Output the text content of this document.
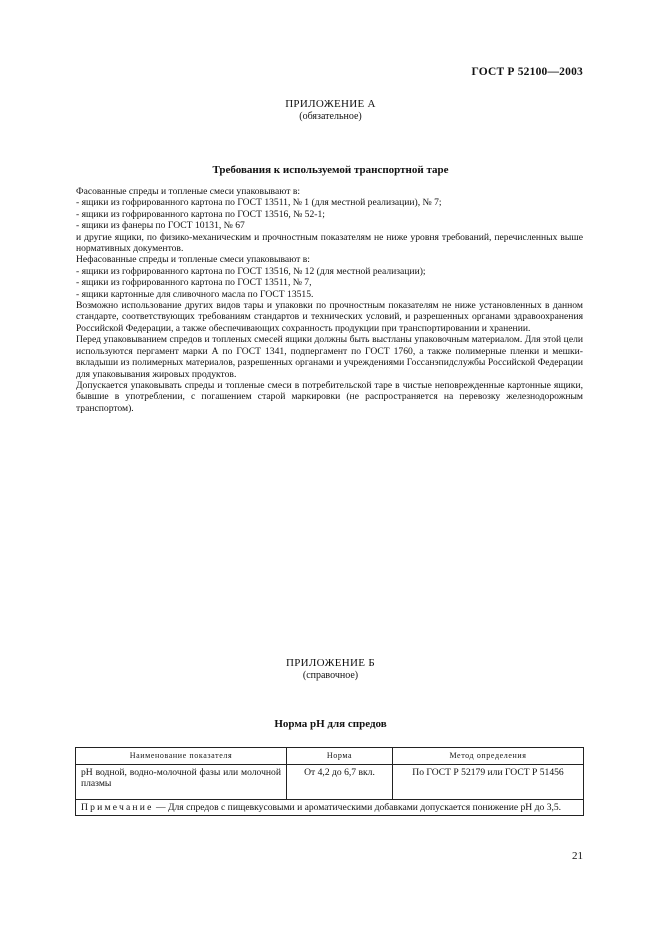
ГОСТ Р 52100—2003
ПРИЛОЖЕНИЕ А
(обязательное)
Требования к используемой транспортной таре

Фасованные спреды и топленые смеси упаковывают в:

- ящики из гофрированного картона по ГОСТ 13511, № 1 (для местной реализации), № 7;

- ящики из гофрированного картона по ГОСТ 13516, № 52-1;

- ящики из фанеры по ГОСТ 10131, № 67

и другие ящики, по физико-механическим и прочностным показателям не ниже уровня требований, перечисленных выше нормативных документов.

Нефасованные спреды и топленые смеси упаковывают в:

- ящики из гофрированного картона по ГОСТ 13516, № 12 (для местной реализации);

- ящики из гофрированного картона по ГОСТ 13511, № 7,

- ящики картонные для сливочного масла по ГОСТ 13515.

Возможно использование других видов тары и упаковки по прочностным показателям не ниже установленных в данном стандарте, соответствующих требованиям стандартов и технических условий, и разрешенных органами здравоохранения Российской Федерации, а также обеспечивающих сохранность продукции при транспортировании и хранении.

Перед упаковыванием спредов и топленых смесей ящики должны быть выстланы упаковочным материалом. Для этой цели используются пергамент марки А по ГОСТ 1341, подпергамент по ГОСТ 1760, а также полимерные пленки и мешки-вкладыши из полимерных материалов, разрешенных органами и учреждениями Госсанэпидслужбы Российской Федерации для упаковывания жировых продуктов.

Допускается упаковывать спреды и топленые смеси в потребительской таре в чистые неповрежденные картонные ящики, бывшие в употреблении, с погашением старой маркировки (не распространяется на перевозку железнодорожным транспортом).

ПРИЛОЖЕНИЕ Б
(справочное)
Норма рН для спредов
Наименование показателя	Норма	Метод определения
рН водной, водно-молочной фазы или молочной плазмы	От 4,2 до 6,7 вкл.	По ГОСТ Р 52179 или ГОСТ Р 51456
Примечание — Для спредов с пищевкусовыми и ароматическими добавками допускается понижение рН до 3,5.		
21
